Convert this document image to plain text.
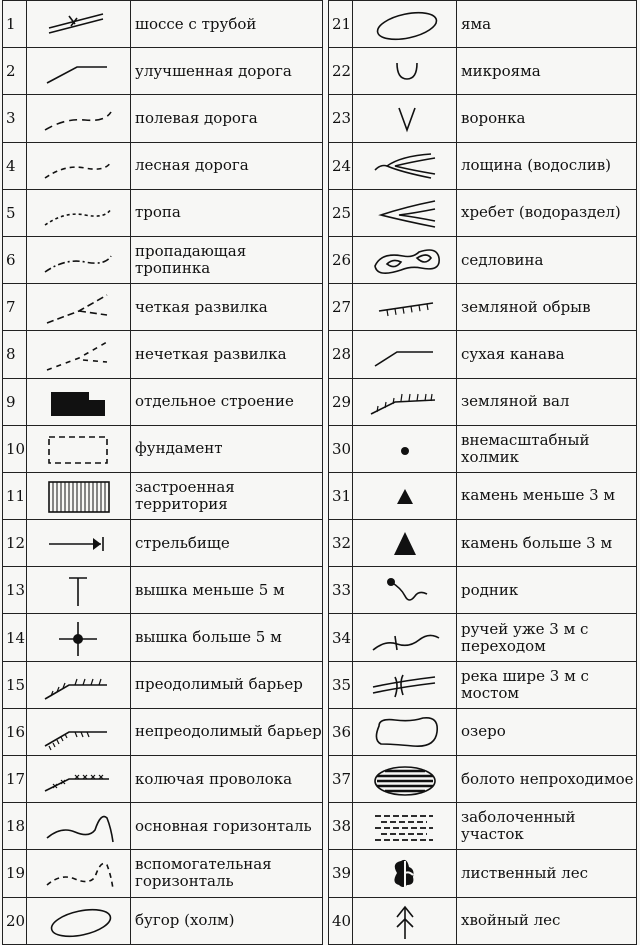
1		шоссе с трубой
2		улучшенная дорога
3		полевая дорога
4		лесная дорога
5		тропа
6		пропадающая тропинка
7		четкая развилка
8		нечеткая развилка
9		отдельное строение
10		фундамент
11		застроенная территория
12		стрельбище
13		вышка меньше 5 м
14		вышка больше 5 м
15		преодолимый барьер
16		непреодолимый барьер
17		колючая проволока
18		основная горизонталь
19		вспомогательная горизонталь
20		бугор (холм)
21		яма
22		микрояма
23		воронка
24		лощина (водослив)
25		хребет (водораздел)
26		седловина
27		земляной обрыв
28		сухая канава
29		земляной вал
30		внемасштабный холмик
31		камень меньше 3 м
32		камень больше 3 м
33		родник
34		ручей уже 3 м с переходом
35		река шире 3 м с мостом
36		озеро
37		болото непроходимое
38		заболоченный участок
39		лиственный лес
40		хвойный лес
